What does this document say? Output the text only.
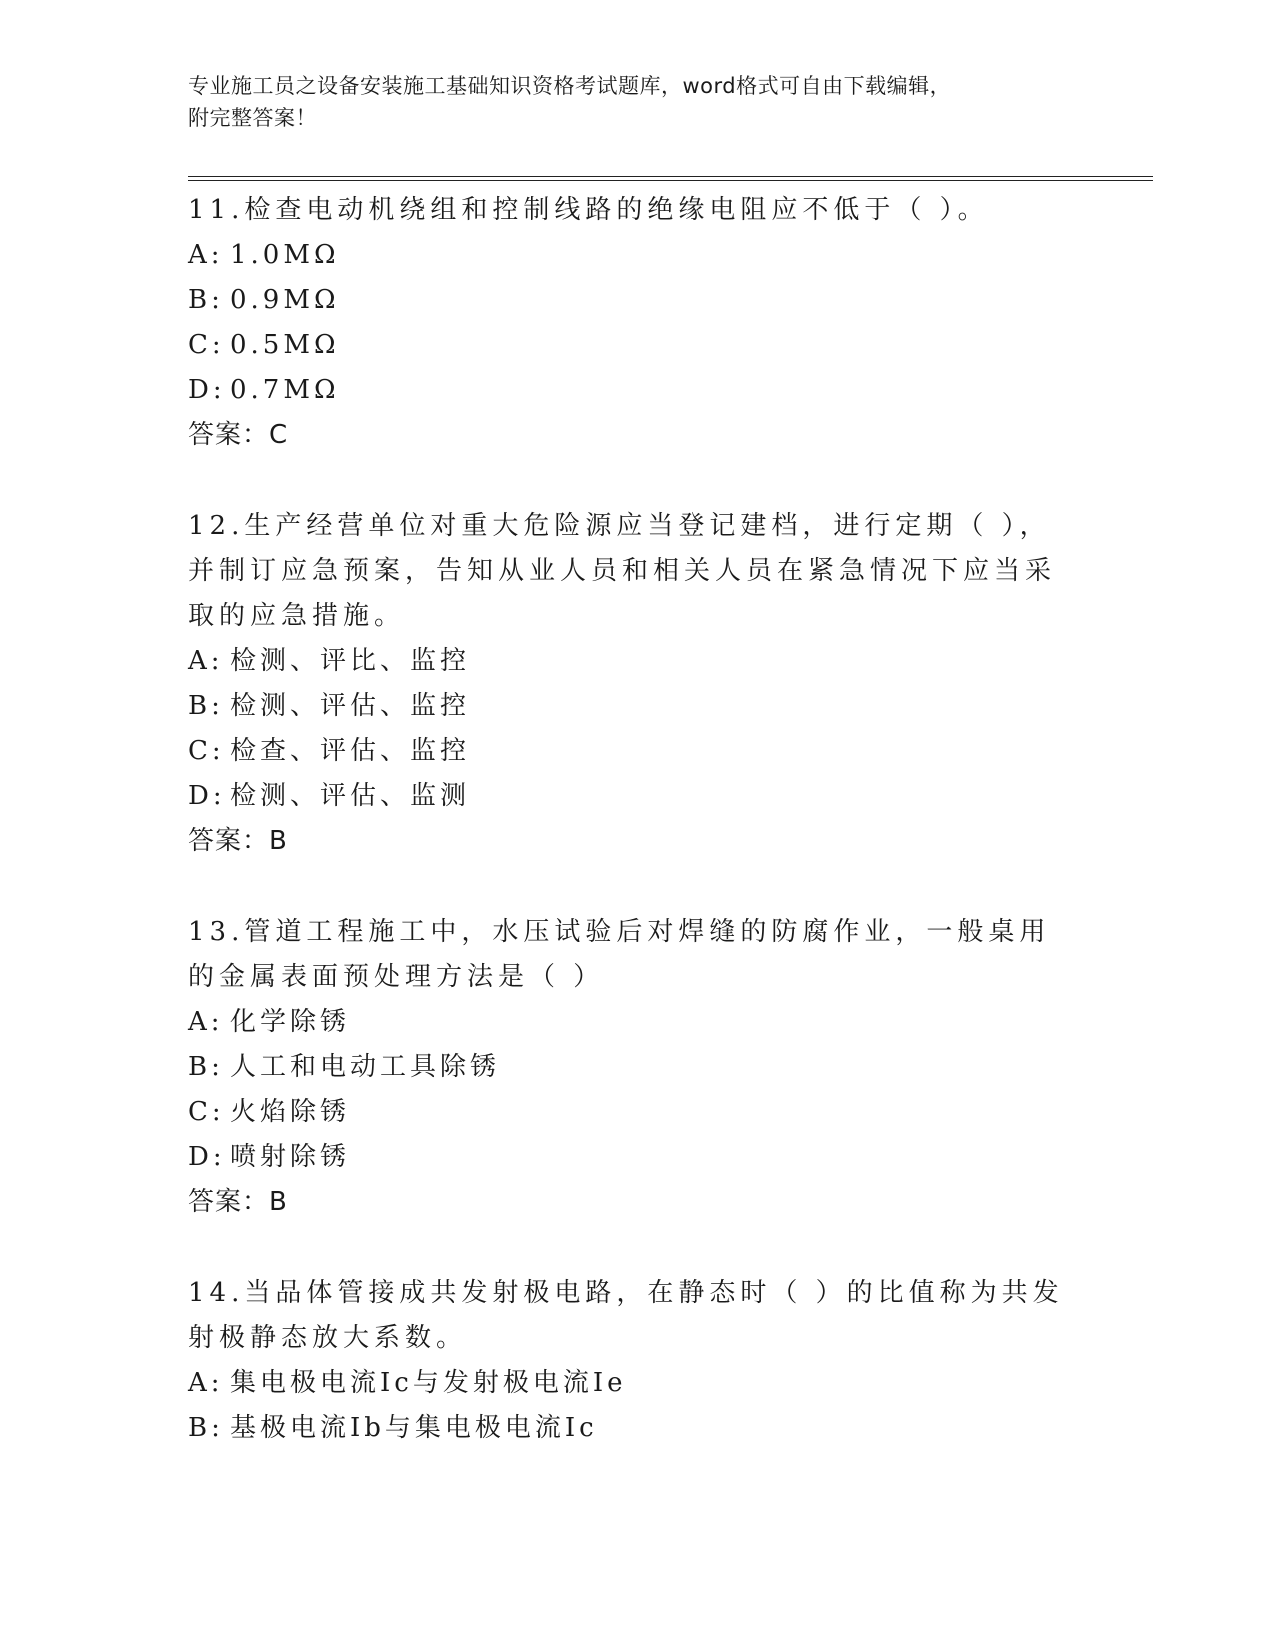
专业施工员之设备安装施工基础知识资格考试题库，word格式可自由下载编辑，

附完整答案！

11.检查电动机绕组和控制线路的绝缘电阻应不低于（ ）。

A: 1.0MΩ

B: 0.9MΩ

C: 0.5MΩ

D: 0.7MΩ

答案：C

12.生产经营单位对重大危险源应当登记建档，进行定期（ ），并制订应急预案，告知从业人员和相关人员在紧急情况下应当采取的应急措施。

A: 检测、评比、监控

B: 检测、评估、监控

C: 检查、评估、监控

D: 检测、评估、监测

答案：B

13.管道工程施工中，水压试验后对焊缝的防腐作业，一般桌用的金属表面预处理方法是（ ）

A: 化学除锈

B: 人工和电动工具除锈

C: 火焰除锈

D: 喷射除锈

答案：B

14.当品体管接成共发射极电路，在静态时（ ）的比值称为共发射极静态放大系数。

A: 集电极电流Ic与发射极电流Ie

B: 基极电流Ib与集电极电流Ic
